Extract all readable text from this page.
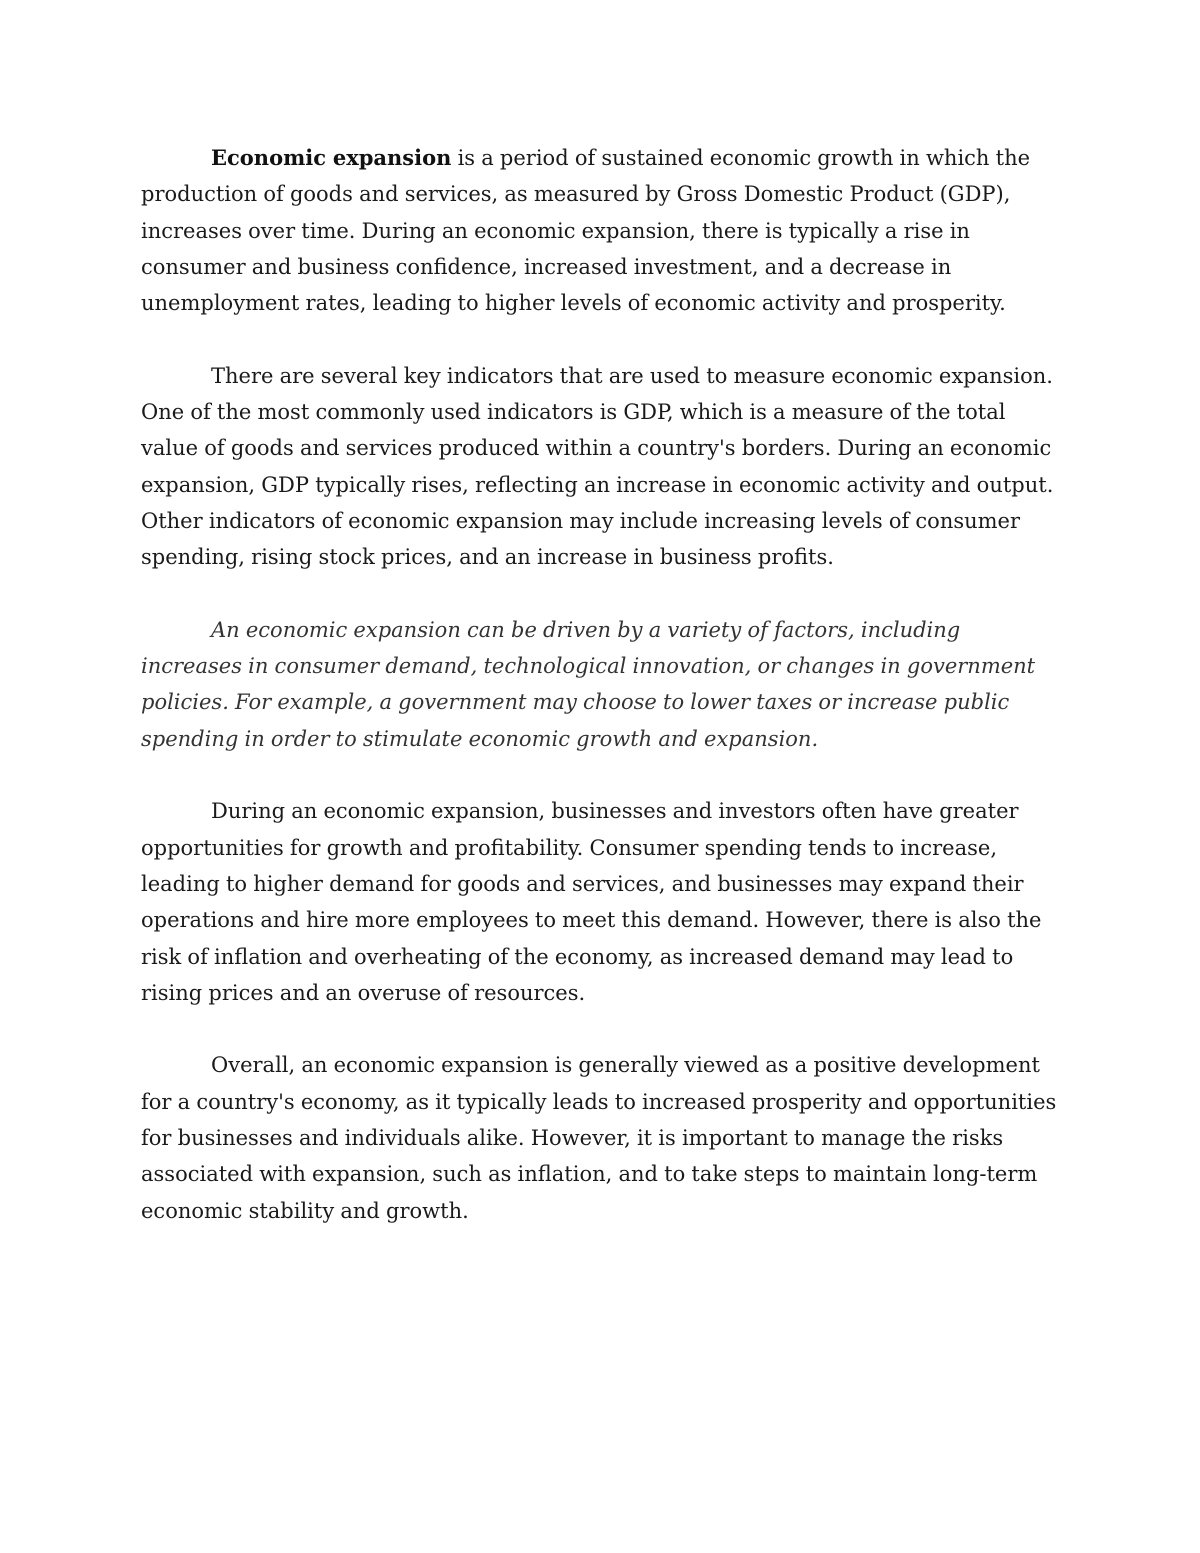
Economic expansion is a period of sustained economic growth in which the production of goods and services, as measured by Gross Domestic Product (GDP), increases over time. During an economic expansion, there is typically a rise in consumer and business confidence, increased investment, and a decrease in unemployment rates, leading to higher levels of economic activity and prosperity.

There are several key indicators that are used to measure economic expansion. One of the most commonly used indicators is GDP, which is a measure of the total value of goods and services produced within a country's borders. During an economic expansion, GDP typically rises, reflecting an increase in economic activity and output. Other indicators of economic expansion may include increasing levels of consumer spending, rising stock prices, and an increase in business profits.

An economic expansion can be driven by a variety of factors, including increases in consumer demand, technological innovation, or changes in government policies. For example, a government may choose to lower taxes or increase public spending in order to stimulate economic growth and expansion.

During an economic expansion, businesses and investors often have greater opportunities for growth and profitability. Consumer spending tends to increase, leading to higher demand for goods and services, and businesses may expand their operations and hire more employees to meet this demand. However, there is also the risk of inflation and overheating of the economy, as increased demand may lead to rising prices and an overuse of resources.

Overall, an economic expansion is generally viewed as a positive development for a country's economy, as it typically leads to increased prosperity and opportunities for businesses and individuals alike. However, it is important to manage the risks associated with expansion, such as inflation, and to take steps to maintain long-term economic stability and growth.
